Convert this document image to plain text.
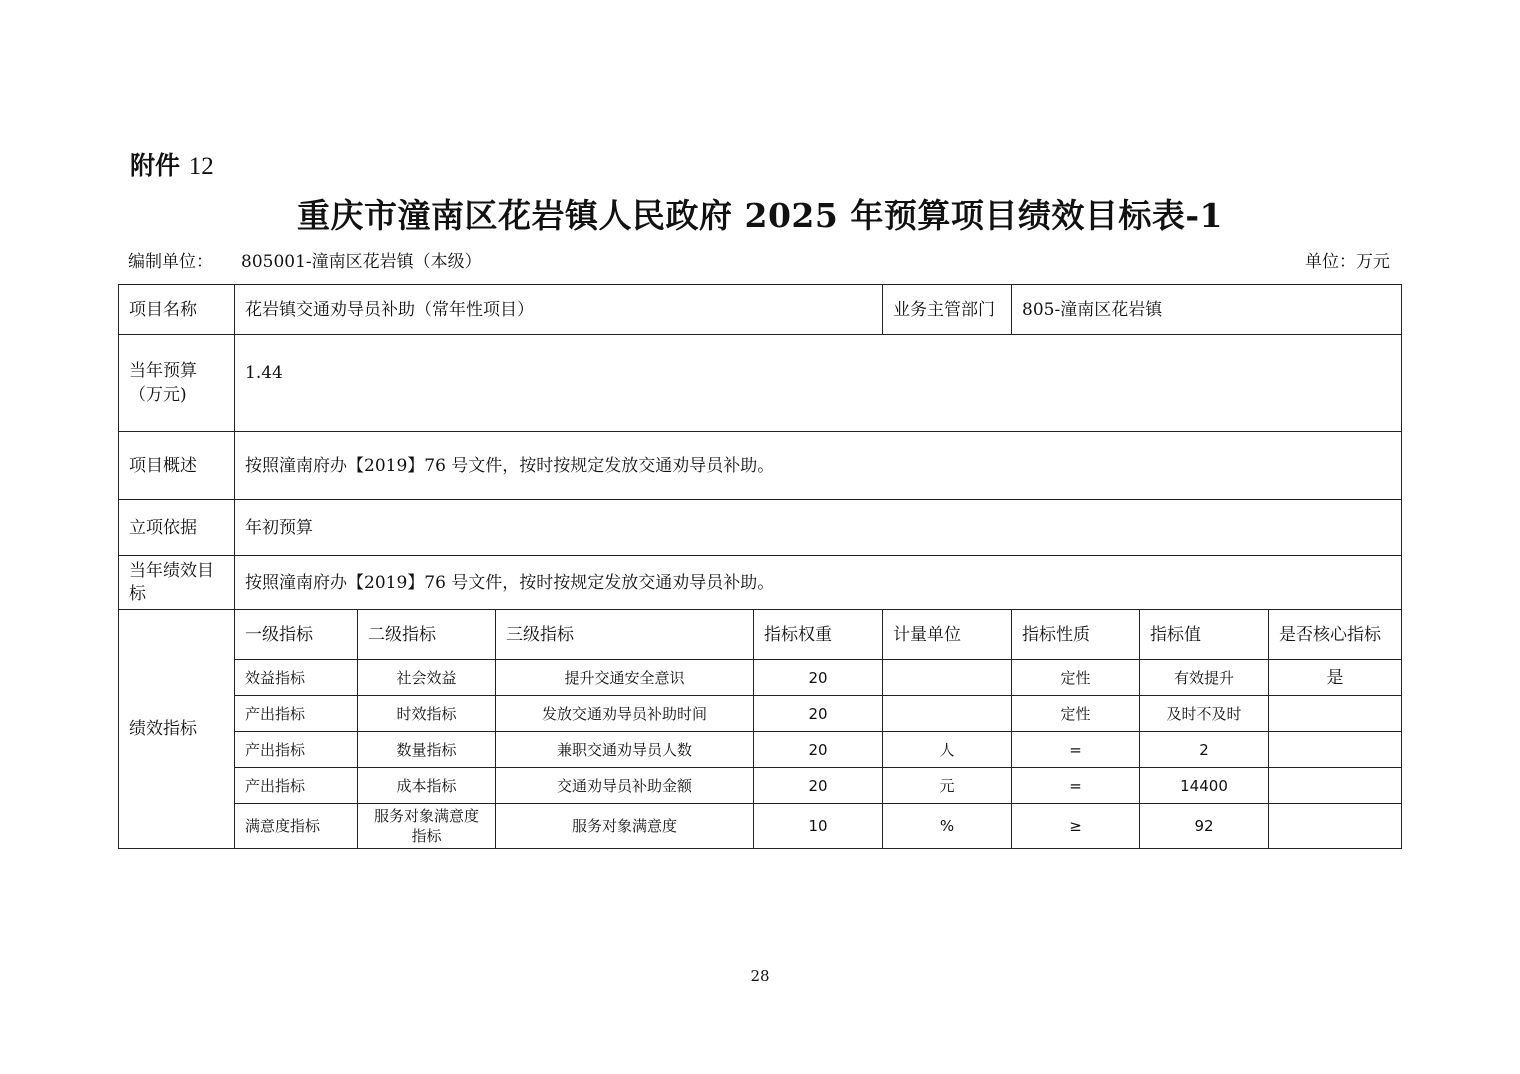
附件 12
重庆市潼南区花岩镇人民政府 2025 年预算项目绩效目标表-1
编制单位： 805001-潼南区花岩镇（本级）	单位：万元
项目名称	花岩镇交通劝导员补助（常年性项目）				业务主管部门	805-潼南区花岩镇		
当年预算（万元)	1.44							
项目概述	按照潼南府办【2019】76 号文件，按时按规定发放交通劝导员补助。							
立项依据	年初预算							
当年绩效目标	按照潼南府办【2019】76 号文件，按时按规定发放交通劝导员补助。							
绩效指标	一级指标	二级指标	三级指标	指标权重	计量单位	指标性质	指标值	是否核心指标
	效益指标	社会效益	提升交通安全意识	20		定性	有效提升	是
	产出指标	时效指标	发放交通劝导员补助时间	20		定性	及时不及时	
	产出指标	数量指标	兼职交通劝导员人数	20	人	=	2	
	产出指标	成本指标	交通劝导员补助金额	20	元	=	14400	
	满意度指标	服务对象满意度指标	服务对象满意度	10	%	≥	92	
28
